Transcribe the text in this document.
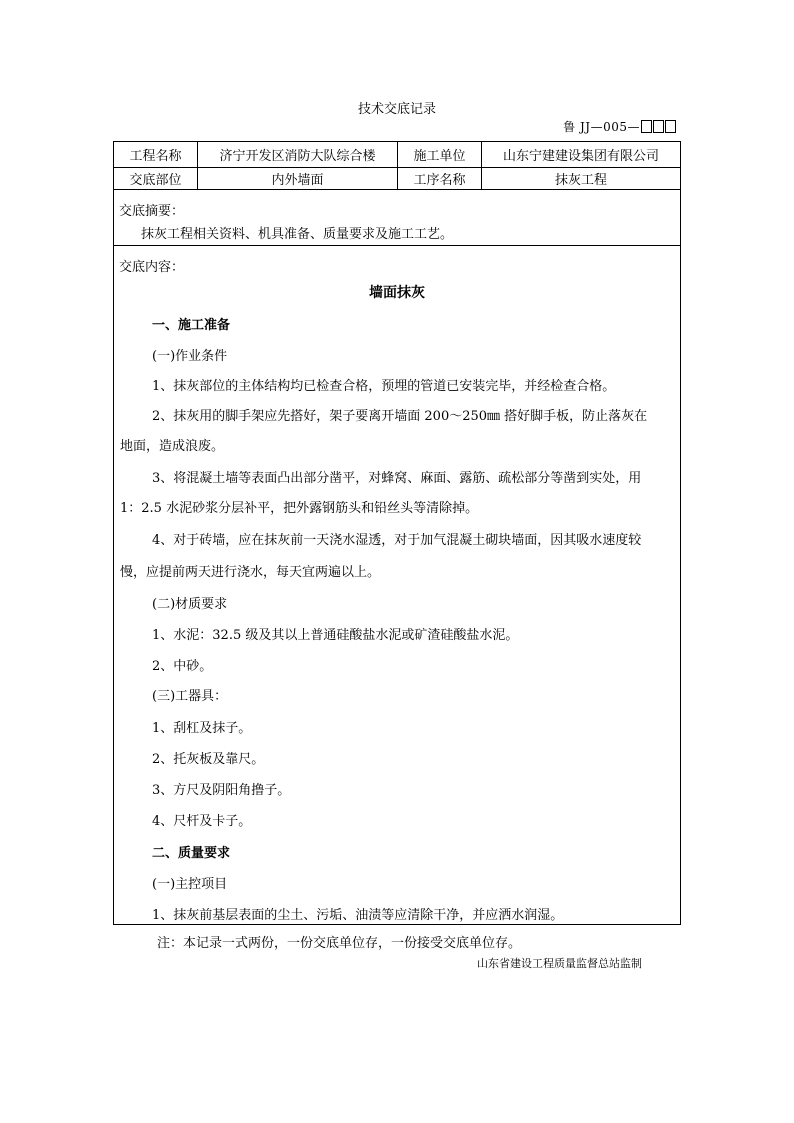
技术交底记录
鲁 JJ—005—
工程名称	济宁开发区消防大队综合楼	施工单位	山东宁建建设集团有限公司
交底部位	内外墙面	工序名称	抹灰工程
交底摘要：
抹灰工程相关资料、机具准备、质量要求及施工工艺。
交底内容：
墙面抹灰
一、施工准备
(一)作业条件
1、抹灰部位的主体结构均已检查合格，预埋的管道已安装完毕，并经检查合格。
2、抹灰用的脚手架应先搭好，架子要离开墙面 200～250㎜ 搭好脚手板，防止落灰在
地面，造成浪废。
3、将混凝土墙等表面凸出部分凿平，对蜂窝、麻面、露筋、疏松部分等凿到实处，用
1：2.5 水泥砂浆分层补平，把外露钢筋头和铅丝头等清除掉。
4、对于砖墙，应在抹灰前一天浇水湿透，对于加气混凝土砌块墙面，因其吸水速度较
慢，应提前两天进行浇水，每天宜两遍以上。
(二)材质要求
1、水泥：32.5 级及其以上普通硅酸盐水泥或矿渣硅酸盐水泥。
2、中砂。
(三)工器具：
1、刮杠及抹子。
2、托灰板及靠尺。
3、方尺及阴阳角撸子。
4、尺杆及卡子。
二、质量要求
(一)主控项目
1、抹灰前基层表面的尘土、污垢、油渍等应清除干净，并应洒水润湿。
注：本记录一式两份，一份交底单位存，一份接受交底单位存。
山东省建设工程质量监督总站监制
